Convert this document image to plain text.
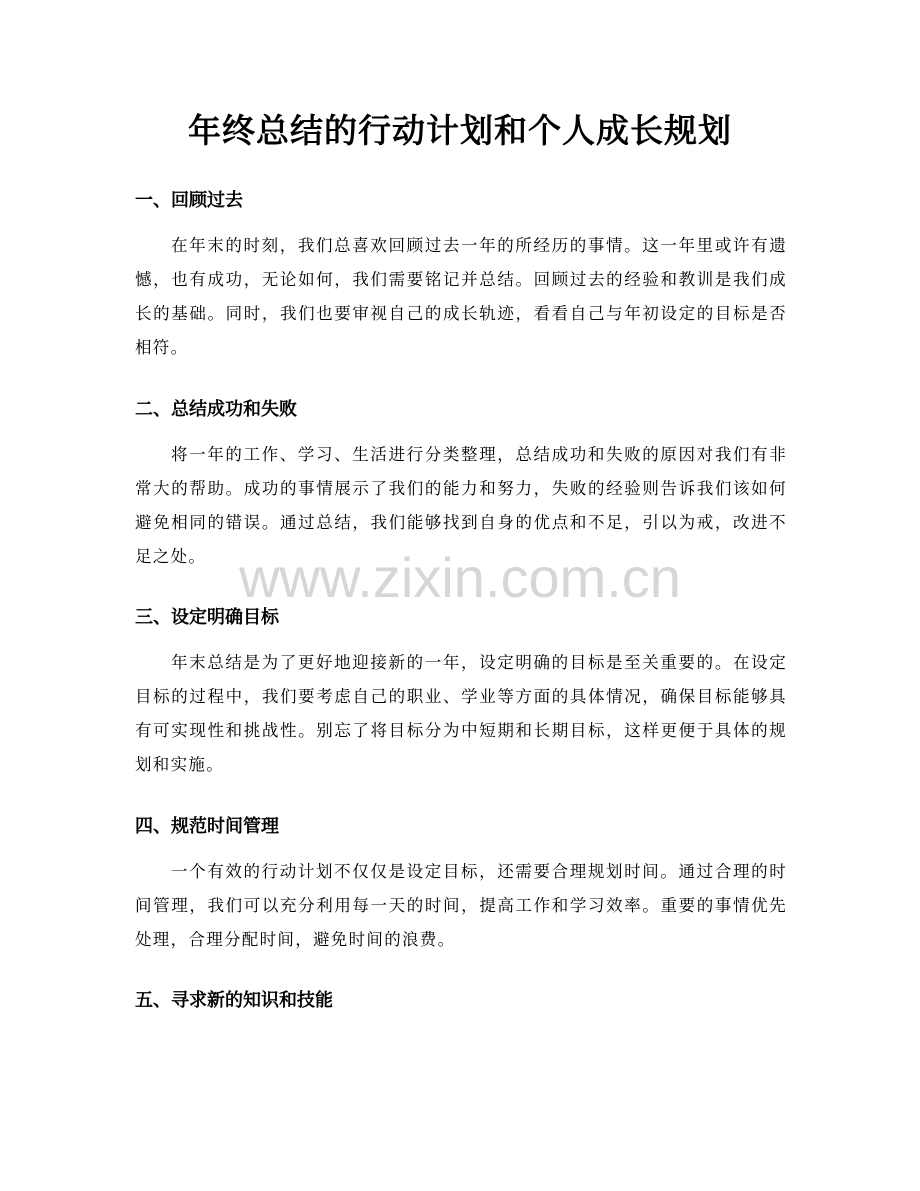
年终总结的行动计划和个人成长规划
一、回顾过去

在年末的时刻，我们总喜欢回顾过去一年的所经历的事情。这一年里或许有遗憾，也有成功，无论如何，我们需要铭记并总结。回顾过去的经验和教训是我们成长的基础。同时，我们也要审视自己的成长轨迹，看看自己与年初设定的目标是否相符。

二、总结成功和失败

将一年的工作、学习、生活进行分类整理，总结成功和失败的原因对我们有非常大的帮助。成功的事情展示了我们的能力和努力，失败的经验则告诉我们该如何避免相同的错误。通过总结，我们能够找到自身的优点和不足，引以为戒，改进不足之处。

三、设定明确目标

年末总结是为了更好地迎接新的一年，设定明确的目标是至关重要的。在设定目标的过程中，我们要考虑自己的职业、学业等方面的具体情况，确保目标能够具有可实现性和挑战性。别忘了将目标分为中短期和长期目标，这样更便于具体的规划和实施。

四、规范时间管理

一个有效的行动计划不仅仅是设定目标，还需要合理规划时间。通过合理的时间管理，我们可以充分利用每一天的时间，提高工作和学习效率。重要的事情优先处理，合理分配时间，避免时间的浪费。

五、寻求新的知识和技能
www.zixin.com.cn
